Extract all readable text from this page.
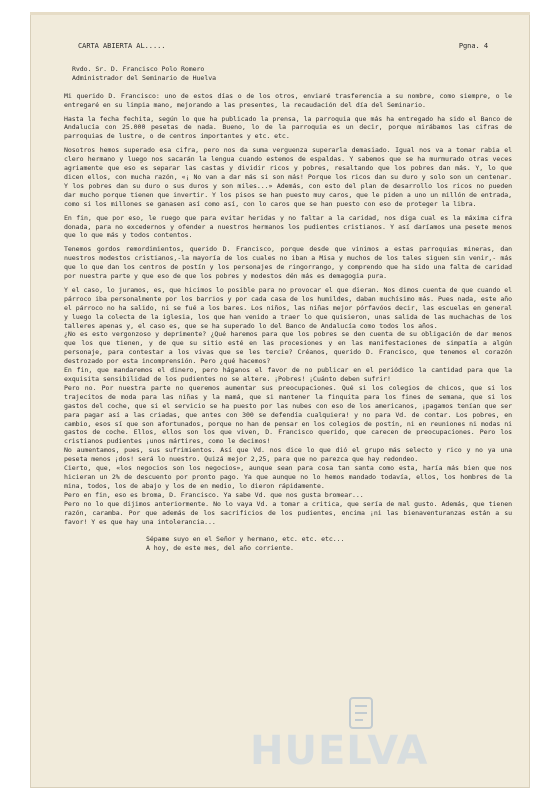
CARTA ABIERTA AL.....	Pgna. 4
Rvdo. Sr. D. Francisco Polo Romero
Administrador del Seminario de Huelva

Mi querido D. Francisco: uno de estos días o de los otros, enviaré trasferencia a su nombre, como siempre, o le entregaré en su limpia mano, mejorando a las presentes, la recaudación del día del Seminario.

Hasta la fecha fechita, según lo que ha publicado la prensa, la parroquia que más ha entregado ha sido el Banco de Andalucía con 25.000 pesetas de nada. Bueno, lo de la parroquia es un decir, porque mirábamos las cifras de parroquias de lustre, o de centros importantes y etc. etc.

Nosotros hemos superado esa cifra, pero nos da suma verguenza superarla demasiado. Igual nos va a tomar rabia el clero hermano y luego nos sacarán la lengua cuando estemos de espaldas. Y sabemos que se ha murmurado otras veces agriamente que eso es separar las castas y dividir ricos y pobres, resaltando que los pobres dan más. Y, lo que dicen ellos, con mucha razón, «¡ No van a dar más si son más! Porque los ricos dan su duro y solo son un centenar. Y los pobres dan su duro o sus duros y son miles...» Además, con esto del plan de desarrollo los ricos no pueden dar mucho porque tienen que invertir. Y los pisos se han puesto muy caros, que le piden a uno un millón de entrada, como si los millones se ganasen así como así, con lo caros que se han puesto con eso de proteger la libra.

En fin, que por eso, le ruego que para evitar heridas y no faltar a la caridad, nos diga cual es la máxima cifra donada, para no excedernos y ofender a nuestros hermanos los pudientes cristianos. Y así daríamos una pesete menos que lo que más y todos contentos.

Tenemos gordos remordimientos, querido D. Francisco, porque desde que vinimos a estas parroquias mineras, dan nuestros modestos cristianos,-la mayoría de los cuales no iban a Misa y muchos de los tales siguen sin venir,- más que lo que dan los centros de postín y los personajes de ringorrango, y comprendo que ha sido una falta de caridad por nuestra parte y que eso de que los pobres y modestos dén más es demagogia pura.

Y el caso, lo juramos, es, que hicimos lo posible para no provocar el que dieran. Nos dimos cuenta de que cuando el párroco iba personalmente por los barrios y por cada casa de los humildes, daban muchísimo más. Pues nada, este año el párroco no ha salido, ni se fué a los bares. Los niños, las niñas mejor pórfavóos decir, las escuelas en general y luego la colecta de la iglesia, los que han venido a traer lo que quisieron, unas salida de las muchachas de los talleres apenas y, el caso es, que se ha superado lo del Banco de Andalucía como todos los años.

¿No es esto vergonzoso y deprimente? ¿Qué haremos para que los pobres se den cuenta de su obligación de dar menos que los que tienen, y de que su sitio esté en las procesiones y en las manifestaciones de simpatía a algún personaje, para contestar a los vivas que se les tercie? Créanos, querido D. Francisco, que tenemos el corazón destrozado por esta incomprensión. Pero ¿qué hacemos?

En fin, que mandaremos el dinero, pero háganos el favor de no publicar en el periódico la cantidad para que la exquisita sensibilidad de los pudientes no se altere. ¡Pobres! ¡Cuánto deben sufrir!

Pero no. Por nuestra parte no queremos aumentar sus preocupaciones. Qué si los colegios de chicos, que si los trajecitos de moda para las niñas y la mamá, que si mantener la finquita para los fines de semana, que si los gastos del coche, que si el servicio se ha puesto por las nubes con eso de los americanos, ¡pagamos tenían que ser para pagar así a las criadas, que antes con 300 se defendía cualquiera! y no para Vd. de contar. Los pobres, en cambio, esos sí que son afortunados, porque no han de pensar en los colegios de postín, ni en reuniones ni modas ni gastos de coche. Ellos, ellos son los que viven, D. Francisco querido, que carecen de preocupaciones. Pero los cristianos pudientes ¡unos mártires, como le decimos!

No aumentamos, pues, sus sufrimientos. Así que Vd. nos dice lo que dió el grupo más selecto y rico y no ya una peseta menos ¡dos! será lo nuestro. Quizá mejor 2,25, para que no parezca que hay redondeo.

Cierto, que, «los negocios son los negocios», aunque sean para cosa tan santa como esta, haría más bien que nos hicieran un 2% de descuento por pronto pago. Ya que aunque no lo hemos mandado todavía, ellos, los hombres de la mina, todos, los de abajo y los de en medio, lo dieron rápidamente.

Pero en fin, eso es broma, D. Francisco. Ya sabe Vd. que nos gusta bromear...

Pero no lo que dijimos anteriormente. No lo vaya Vd. a tomar a critica, que sería de mal gusto. Además, que tienen razón, caramba. Por que además de los sacrificios de los pudientes, encima ¡ni las bienaventuranzas están a su favor! Y es que hay una intolerancia...

Sépame suyo en el Señor y hermano, etc. etc. etc...
A hoy, de este mes, del año corriente.
HUELVA
